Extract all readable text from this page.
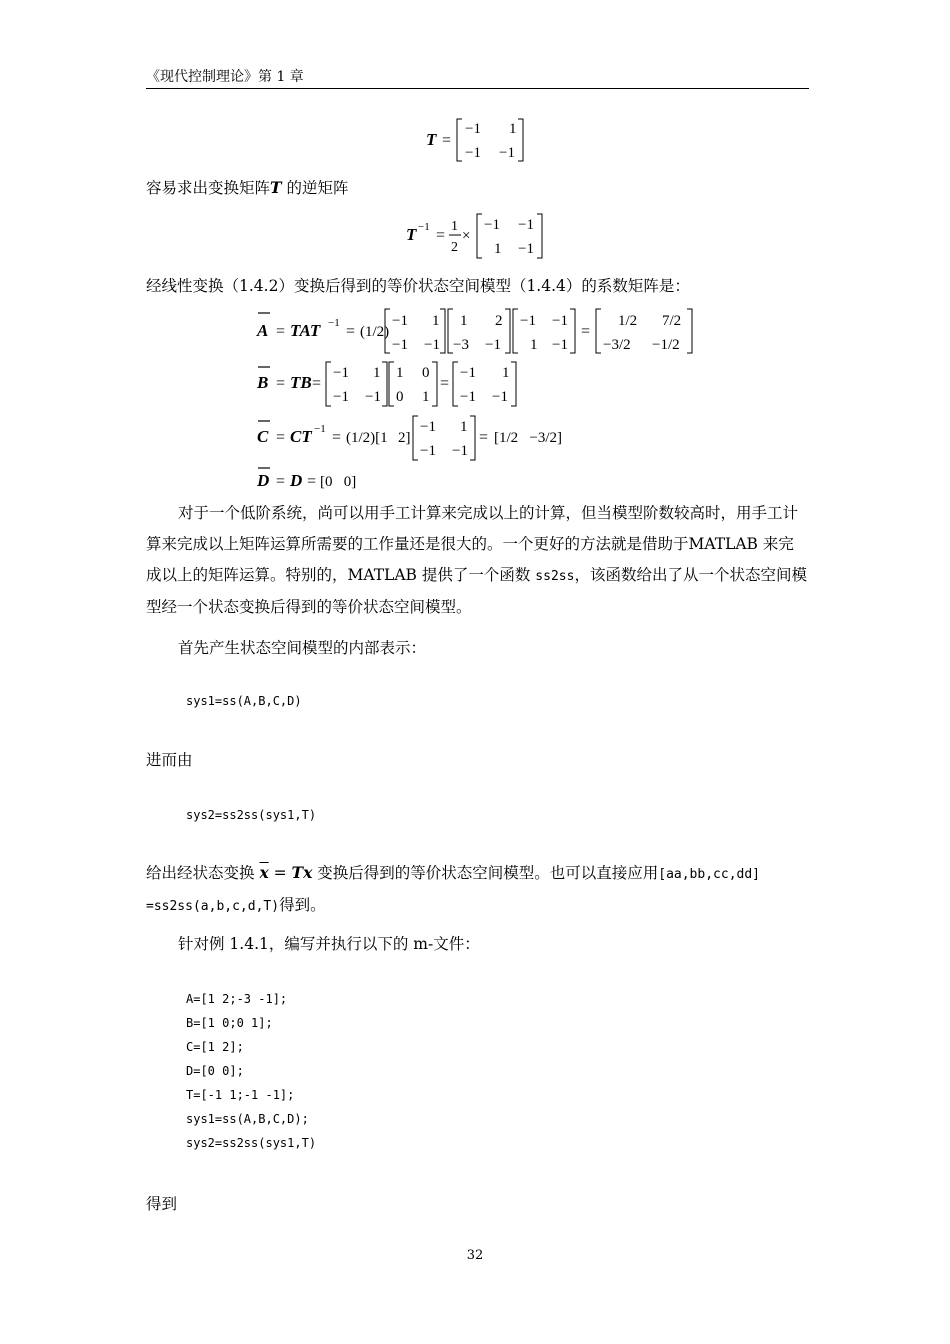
《现代控制理论》第 1 章
T =
−1 1
−1 −1
容易求出变换矩阵T 的逆矩阵
T −1 =
1
2
×
−1 −1
1 −1
经线性变换（1.4.2）变换后得到的等价状态空间模型（1.4.4）的系数矩阵是：
A = TAT −1 = (1/2)
−1 1
−1 −1
1 2
−3 −1
−1 −1
1 −1
=
1/2 7/2
−3/2 −1/2
B = TB =
−1 1
−1 −1
1 0
0 1
=
−1 1
−1 −1
C = CT −1 = (1/2)[1 2]
−1 1
−1 −1
= [1/2   −3/2]
D = D = [0   0]
对于一个低阶系统，尚可以用手工计算来完成以上的计算，但当模型阶数较高时，用手工计算来完成以上矩阵运算所需要的工作量还是很大的。一个更好的方法就是借助于MATLAB 来完成以上的矩阵运算。特别的，MATLAB 提供了一个函数 ss2ss，该函数给出了从一个状态空间模型经一个状态变换后得到的等价状态空间模型。
首先产生状态空间模型的内部表示：
sys1=ss(A,B,C,D)
进而由
sys2=ss2ss(sys1,T)
给出经状态变换 $\overline{x} = Tx$ 变换后得到的等价状态空间模型。也可以直接应用[aa,bb,cc,dd]
=ss2ss(a,b,c,d,T)得到。
针对例 1.4.1，编写并执行以下的 m-文件：
A=[1 2;-3 -1];
B=[1 0;0 1];
C=[1 2];
D=[0 0];
T=[-1 1;-1 -1];
sys1=ss(A,B,C,D);
sys2=ss2ss(sys1,T)
得到
32
